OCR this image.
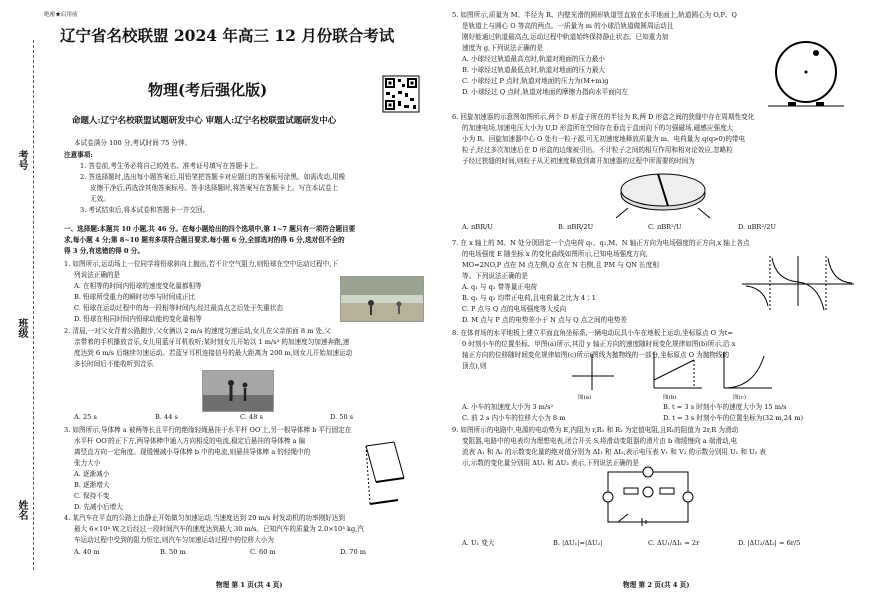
考号
班级
姓名
绝密★启用前
辽宁省名校联盟 2024 年高三 12 月份联合考试
物理(考后强化版)
命题人:辽宁名校联盟试题研发中心 审题人:辽宁名校联盟试题研发中心
本试卷满分 100 分,考试时间 75 分钟。
注意事项:
1. 答卷前,考生务必将自己的姓名、准考证号填写在答题卡上。
2. 答选择题时,选出每小题答案后,用铅笔把答题卡对应题目的答案标号涂黑。如需改动,用橡
皮擦干净后,再选涂其他答案标号。答非选择题时,将答案写在答题卡上。写在本试卷上
无效。
3. 考试结束后,将本试卷和答题卡一并交回。
一、选择题:本题共 10 小题,共 46 分。在每小题给出的四个选项中,第 1~7 题只有一项符合题目要
求,每小题 4 分;第 8~10 题有多项符合题目要求,每小题 6 分,全部选对的得 6 分,选对但不全的
得 3 分,有选错的得 0 分。
1. 如图所示,运动场上一位同学将铅球斜向上抛出,若不计空气阻力,则铅球在空中运动过程中,下
列说法正确的是
A. 在相等的时间内铅球的速度变化量都相等
B. 铅球所受重力的瞬时功率与时间成正比
C. 铅球在运动过程中的每一段相等时间内,经过最高点之后处于失重状态
D. 铅球在相同时间内铅球动能的变化量相等
2. 清晨,一对父女背着公路跑步,父女俩以 2 m/s 的速度匀速运动,女儿在父亲前面 8 m 处,父
亲带着的手机播放音乐,女儿用蓝牙耳机收听;某时刻女儿开始以 1 m/s² 的加速度匀加速奔跑,速
度达到 6 m/s 后继续匀速运动。若蓝牙耳机连接信号的最大距离为 200 m,则女儿开始加速运动
多长时间后不能收听到音乐
A. 25 s	B. 44 s	C. 48 s	D. 50 s
3. 如图所示,导体棒 a 被两等长且平行的绝缘轻绳悬挂于水平杆 OO′上,另一根导体棒 b 平行固定在
水平杆 OO′的正下方,两导体棒中通入方向相反的电流,稳定后悬挂的导体棒 a 偏
离竖直方向一定角度。现缓慢减小导体棒 b 中的电流,则悬挂导体棒 a 的轻绳中的
张力大小
A. 逐渐减小
B. 逐渐增大
C. 保持不变
D. 先减小后增大
4. 某汽车在平直的公路上由静止开始做匀加速运动,当速度达到 20 m/s 时发动机的功率刚好达到
最大 6×10⁴ W,之后经过一段时间汽车的速度达到最大 30 m/s。已知汽车的质量为 2.0×10³ kg,汽
车运动过程中受到的阻力恒定,则汽车匀加速运动过程中的位移大小为
A. 40 m	B. 50 m	C. 60 m	D. 70 m
物理 第 1 页(共 4 页)
5. 如图所示,质量为 M、半径为 R、内壁光滑的圆形轨道竖直放在水平地面上,轨道圆心为 O,P、Q
是轨道上与圆心 O 等高的两点。一质量为 m 的小球沿轨道做圆周运动且
刚好能通过轨道最高点,运动过程中轨道始终保持静止状态。已知重力加
速度为 g,下列说法正确的是
A. 小球经过轨道最高点时,轨道对地面的压力最小
B. 小球经过轨道最低点时,轨道对地面的压力最大
C. 小球经过 P 点时,轨道对地面的压力为(M+m)g
D. 小球经过 Q 点时,轨道对地面的摩擦力指向水平面向左
6. 回旋加速器的示意图如图所示,两个 D 形盒子所在的半径为 R,两 D 形盒之间的狭缝中存在周期性变化
的加速电场,加速电压大小为 U,D 形盒所在空间存在垂直于盒面向下的匀强磁场,磁感应强度大
小为 B。回旋加速器中心 O 处有一粒子源,可无初速度地释放质量为 m、电荷量为 q(q>0)的带电
粒子,经过多次加速后在 D 形盒的边缘被引出。不计粒子之间的相互作用和相对论效应,忽略粒
子经过狭缝的时间,则粒子从无初速度释放到离开加速器的过程中所需要的时间为
A. πBR/U	B. πBR/2U	C. πBR²/U	D. πBR²/2U
7. 在 x 轴上的 M、N 处分别固定一个点电荷 q₁、q₂,M、N 轴正方向为电场强度的正方向,x 轴上各点
的电场强度 E 随坐标 x 的变化曲线如图所示,已知电场强度方向,
MO=2NO,P 点在 M 点左侧,Q 点在 N 右侧,且 PM 与 QN 长度相
等。下列说法正确的是
A. q₁ 与 q₂ 带等量正电荷
B. q₁ 与 q₂ 均带正电荷,且电荷量之比为 4∶1
C. P 点与 Q 点的电场强度等大反向
D. M 点与 P 点的电势差小于 N 点与 Q 点之间的电势差
8. 在体育场的水平地板上建立平面直角坐标系,一辆电动玩具小车在地板上运动,坐标原点 O 为t=
0 时刻小车的位置坐标。甲图(a)所示,其沿 y 轴正方向的速度随时间变化规律如图(b)所示,沿 x
轴正方向的位移随时间变化规律如图(c)所示(图线为抛物线的一部分,坐标原点 O 为抛物线的
顶点),则
图(a)	图(b)	图(c)
A. 小车的加速度大小为 3 m/s²	B. t = 3 s 时刻小车的速度大小为 15 m/s
C. 前 2 s 内小车的位移大小为 8 m	D. t = 3 s 时刻小车的位置坐标为(32 m,24 m)
9. 如图所示的电路中,电源的电动势为 E,内阻为 r,R₁ 和 R₂ 为定值电阻,且R₁的阻值为 2r,R 为滑动
变阻器,电路中的电表均为理想电表,闭合开关 S,将滑动变阻器的滑片由 b 端缓慢向 a 端滑动,电
流表 A₁ 和 A₂ 的示数变化量的绝对值分别为 ΔI₁ 和 ΔI₂,表示电压表 V₁ 和 V₂ 的示数分别用 U₁ 和 U₂ 表
示,示数的变化量分别用 ΔU₁ 和 ΔU₂ 表示,下列说法正确的是
A. U₁ 变大	B. |ΔU₁|=|ΔU₂|	C. ΔU₁/ΔI₁ = 2r	D. |ΔU₂/ΔI₂| = 6r/5
物理 第 2 页(共 4 页)
